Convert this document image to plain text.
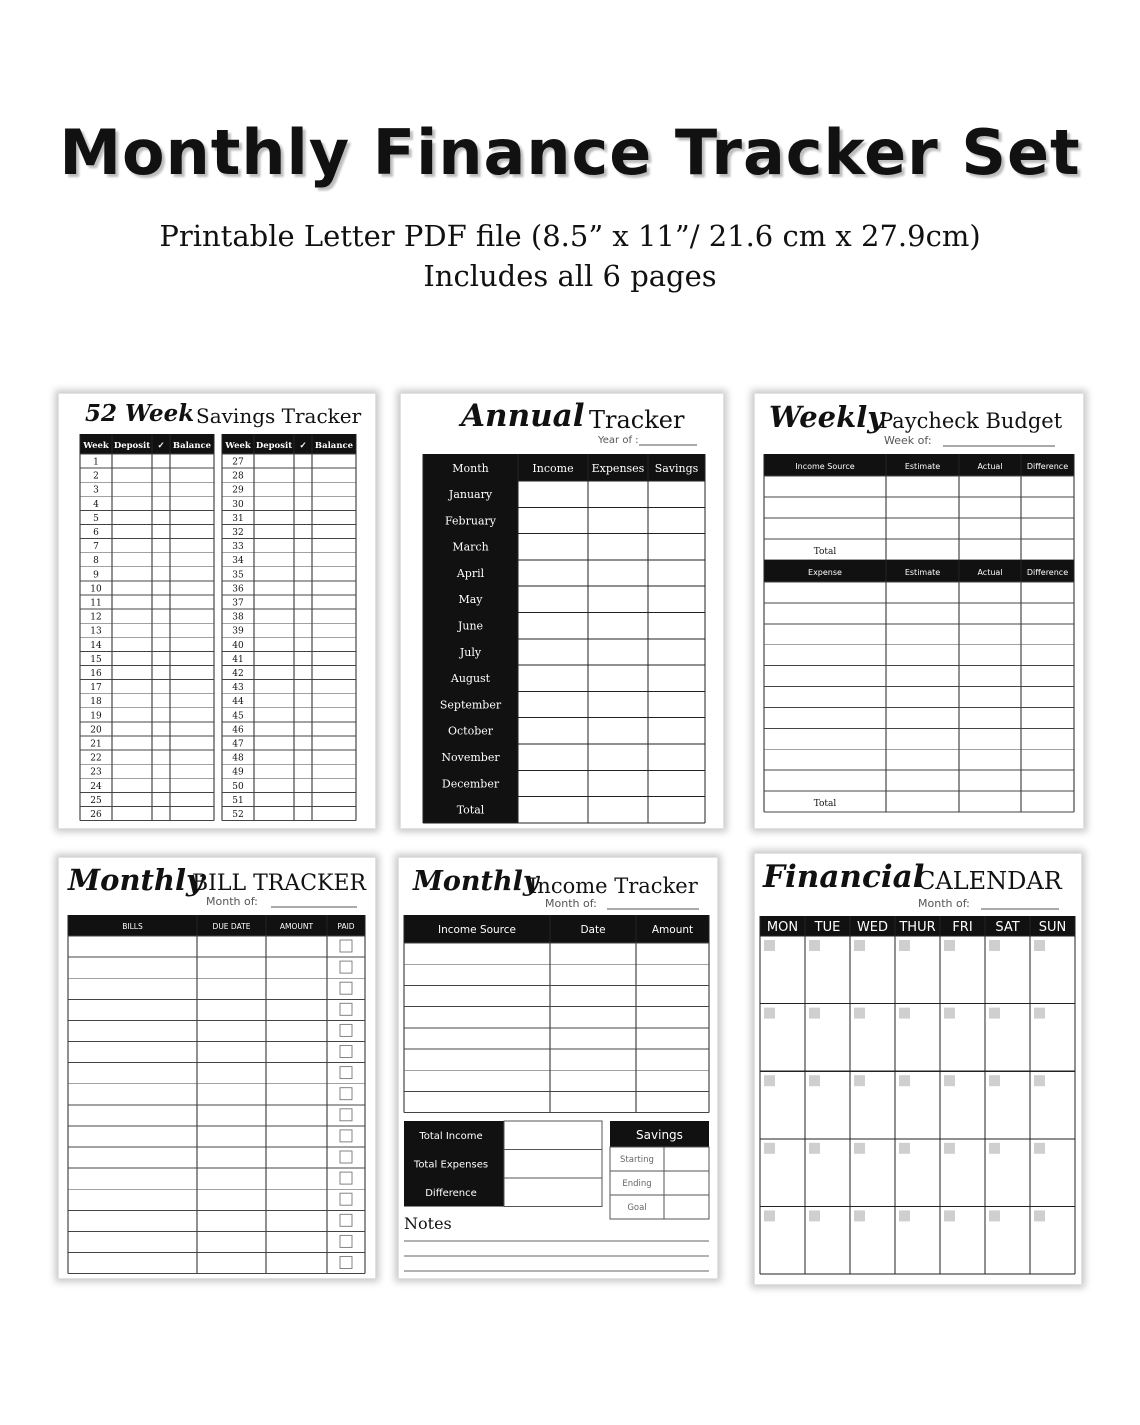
Monthly Finance Tracker Set
Printable Letter PDF file (8.5” x 11”/ 21.6 cm x 27.9cm)
Includes all 6 pages
52 Week Savings Tracker
Week Deposit ✓ Balance
1
2
3
4
5
6
7
8
9
10
11
12
13
14
15
16
17
18
19
20
21
22
23
24
25
26
Week Deposit ✓ Balance
27
28
29
30
31
32
33
34
35
36
37
38
39
40
41
42
43
44
45
46
47
48
49
50
51
52
Annual Tracker
Year of :
Month	Income Expenses Savings
January
February
March
April
May
June
July
August
September
October
November
December
Total
Weekly
Paycheck Budget
Week of:
Income Source	Estimate	Actual	Difference
Total
Expense	Estimate	Actual	Difference
Total
Monthly
BILL TRACKER
Month of:
BILLS	DUE DATE	AMOUNT	PAID
Monthly
Income Tracker
Month of:
Income Source	Date	Amount
Total Income
Total Expenses
Difference
Savings
Starting
Ending
Goal
Notes
Financial
CALENDAR
Month of:
MON TUE WED THUR FRI SAT SUN
